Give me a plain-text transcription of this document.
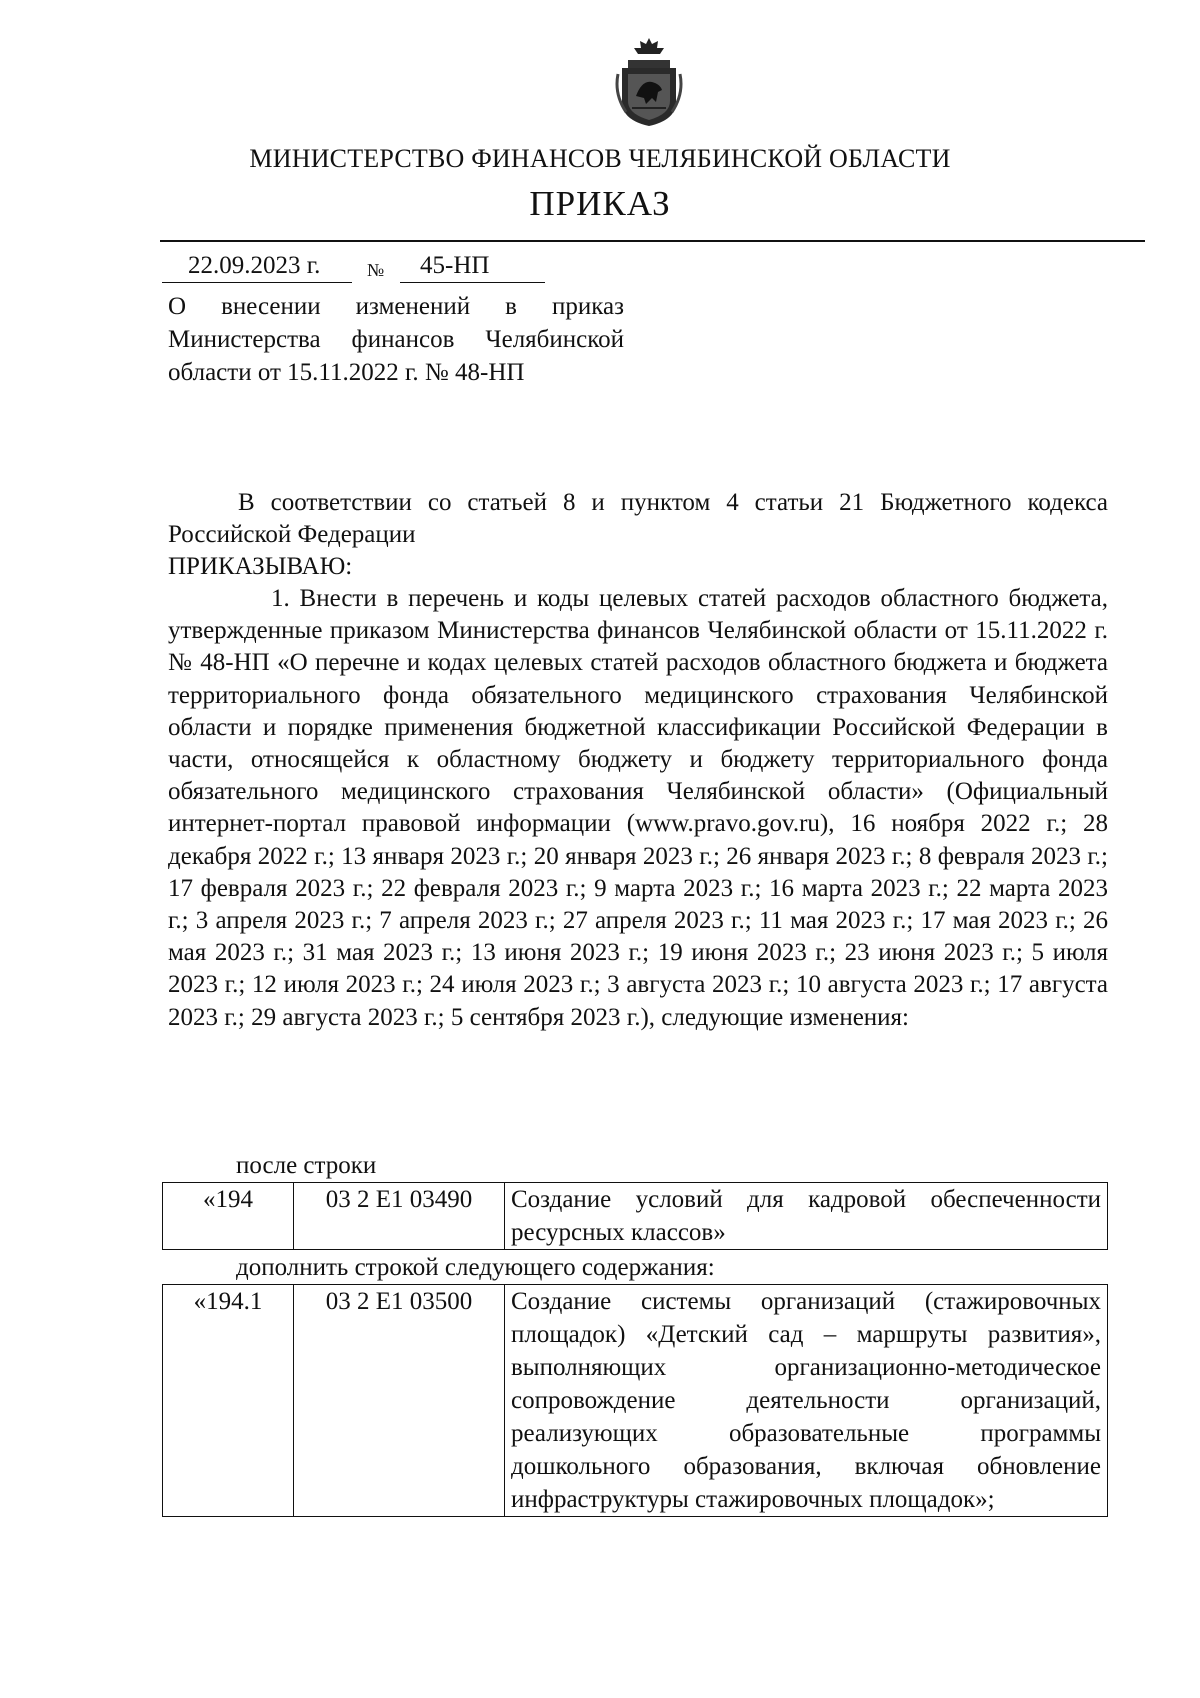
МИНИСТЕРСТВО ФИНАНСОВ ЧЕЛЯБИНСКОЙ ОБЛАСТИ
ПРИКАЗ
22.09.2023 г.	№	45-НП
О внесении изменений в приказ Министерства финансов Челябинской области от 15.11.2022 г. № 48-НП
В соответствии со статьей 8 и пунктом 4 статьи 21 Бюджетного кодекса Российской Федерации
ПРИКАЗЫВАЮ:
1. Внести в перечень и коды целевых статей расходов областного бюджета, утвержденные приказом Министерства финансов Челябинской области от 15.11.2022 г. № 48-НП «О перечне и кодах целевых статей расходов областного бюджета и бюджета территориального фонда обязательного медицинского страхования Челябинской области и порядке применения бюджетной классификации Российской Федерации в части, относящейся к областному бюджету и бюджету территориального фонда обязательного медицинского страхования Челябинской области» (Официальный интернет-портал правовой информации (www.pravo.gov.ru), 16 ноября 2022 г.; 28 декабря 2022 г.; 13 января 2023 г.; 20 января 2023 г.; 26 января 2023 г.; 8 февраля 2023 г.; 17 февраля 2023 г.; 22 февраля 2023 г.; 9 марта 2023 г.; 16 марта 2023 г.; 22 марта 2023 г.; 3 апреля 2023 г.; 7 апреля 2023 г.; 27 апреля 2023 г.; 11 мая 2023 г.; 17 мая 2023 г.; 26 мая 2023 г.; 31 мая 2023 г.; 13 июня 2023 г.; 19 июня 2023 г.; 23 июня 2023 г.; 5 июля 2023 г.; 12 июля 2023 г.; 24 июля 2023 г.; 3 августа 2023 г.; 10 августа 2023 г.; 17 августа 2023 г.; 29 августа 2023 г.; 5 сентября 2023 г.), следующие изменения:
после строки
«194	03 2 Е1 03490	Создание условий для кадровой обеспеченности ресурсных классов»
дополнить строкой следующего содержания:
«194.1	03 2 Е1 03500	Создание системы организаций (стажировочных площадок) «Детский сад – маршруты развития», выполняющих организационно-методическое сопровождение деятельности организаций, реализующих образовательные программы дошкольного образования, включая обновление инфраструктуры стажировочных площадок»;
